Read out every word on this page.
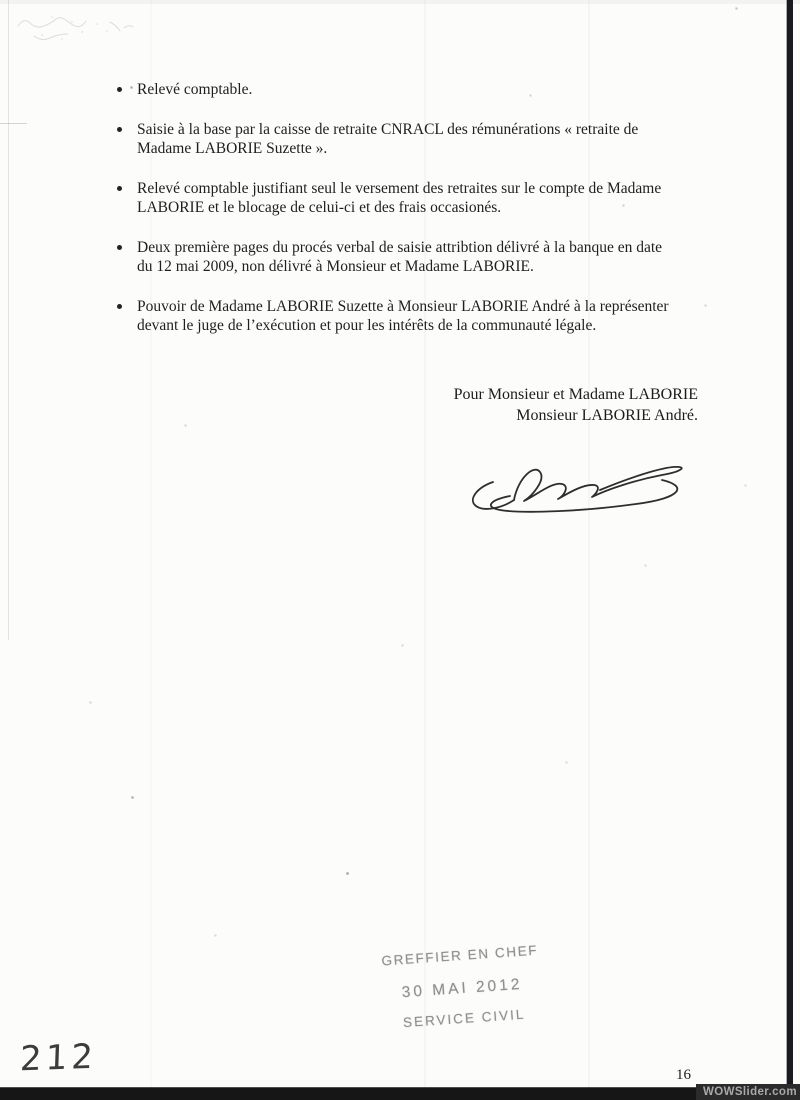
Relevé comptable.
Saisie à la base par la caisse de retraite CNRACL des rémunérations « retraite de
Madame LABORIE Suzette ».
Relevé comptable justifiant seul le versement des retraites sur le compte de Madame
LABORIE et le blocage de celui-ci et des frais occasionés.
Deux première pages du procés verbal de saisie attribtion délivré à la banque en date
du 12 mai 2009, non délivré à Monsieur et Madame LABORIE.
Pouvoir de Madame LABORIE Suzette à Monsieur LABORIE André à la représenter
devant le juge de l’exécution et pour les intérêts de la communauté légale.
Pour Monsieur et Madame LABORIE
Monsieur LABORIE André.
GREFFIER EN CHEF
30 MAI 2012
SERVICE CIVIL
212	16
WOWSlider.com
